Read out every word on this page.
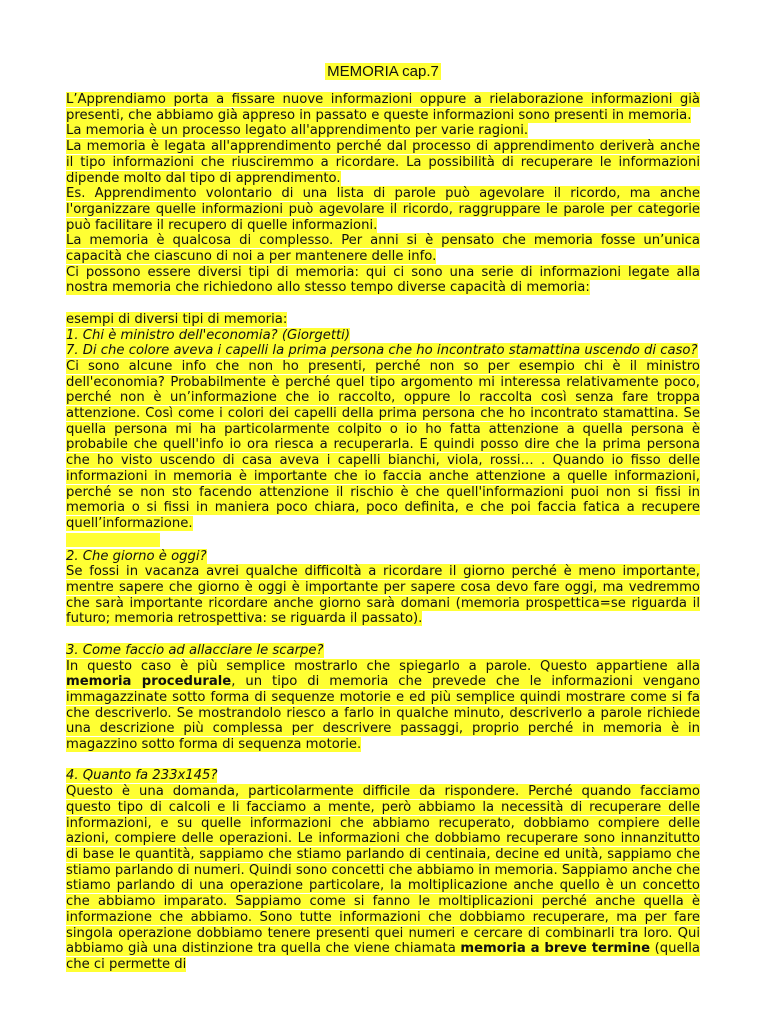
MEMORIA cap.7

L’Apprendiamo porta a fissare nuove informazioni oppure a rielaborazione informazioni già presenti, che abbiamo già appreso in passato e queste informazioni sono presenti in memoria.

La memoria è un processo legato all'apprendimento per varie ragioni.

La memoria è legata all'apprendimento perché dal processo di apprendimento deriverà anche il tipo informazioni che riusciremmo a ricordare. La possibilità di recuperare le informazioni dipende molto dal tipo di apprendimento.

Es. Apprendimento volontario di una lista di parole può agevolare il ricordo, ma anche l'organizzare quelle informazioni può agevolare il ricordo, raggruppare le parole per categorie può facilitare il recupero di quelle informazioni.

La memoria è qualcosa di complesso. Per anni si è pensato che memoria fosse un’unica capacità che ciascuno di noi a per mantenere delle info.

Ci possono essere diversi tipi di memoria: qui ci sono una serie di informazioni legate alla nostra memoria che richiedono allo stesso tempo diverse capacità di memoria:

esempi di diversi tipi di memoria:

1. Chi è ministro dell'economia? (Giorgetti)

7. Di che colore aveva i capelli la prima persona che ho incontrato stamattina uscendo di caso?

Ci sono alcune info che non ho presenti, perché non so per esempio chi è il ministro dell'economia? Probabilmente è perché quel tipo argomento mi interessa relativamente poco, perché non è un’informazione che io raccolto, oppure lo raccolta così senza fare troppa attenzione. Così come i colori dei capelli della prima persona che ho incontrato stamattina. Se quella persona mi ha particolarmente colpito o io ho fatta attenzione a quella persona è probabile che quell'info io ora riesca a recuperarla. E quindi posso dire che la prima persona che ho visto uscendo di casa aveva i capelli bianchi, viola, rossi… . Quando io fisso delle informazioni in memoria è importante che io faccia anche attenzione a quelle informazioni, perché se non sto facendo attenzione il rischio è che quell'informazioni puoi non si fissi in memoria o si fissi in maniera poco chiara, poco definita, e che poi faccia fatica a recupere quell’informazione.

2. Che giorno è oggi?

Se fossi in vacanza avrei qualche difficoltà a ricordare il giorno perché è meno importante, mentre sapere che giorno è oggi è importante per sapere cosa devo fare oggi, ma vedremmo che sarà importante ricordare anche giorno sarà domani (memoria prospettica=se riguarda il futuro; memoria retrospettiva: se riguarda il passato).

3. Come faccio ad allacciare le scarpe?

In questo caso è più semplice mostrarlo che spiegarlo a parole. Questo appartiene alla memoria procedurale, un tipo di memoria che prevede che le informazioni vengano immagazzinate sotto forma di sequenze motorie e ed più semplice quindi mostrare come si fa che descriverlo. Se mostrandolo riesco a farlo in qualche minuto, descriverlo a parole richiede una descrizione più complessa per descrivere passaggi, proprio perché in memoria è in magazzino sotto forma di sequenza motorie.

4. Quanto fa 233x145?

Questo è una domanda, particolarmente difficile da rispondere. Perché quando facciamo questo tipo di calcoli e li facciamo a mente, però abbiamo la necessità di recuperare delle informazioni, e su quelle informazioni che abbiamo recuperato, dobbiamo compiere delle azioni, compiere delle operazioni. Le informazioni che dobbiamo recuperare sono innanzitutto di base le quantità, sappiamo che stiamo parlando di centinaia, decine ed unità, sappiamo che stiamo parlando di numeri. Quindi sono concetti che abbiamo in memoria. Sappiamo anche che stiamo parlando di una operazione particolare, la moltiplicazione anche quello è un concetto che abbiamo imparato. Sappiamo come si fanno le moltiplicazioni perché anche quella è informazione che abbiamo. Sono tutte informazioni che dobbiamo recuperare, ma per fare singola operazione dobbiamo tenere presenti quei numeri e cercare di combinarli tra loro. Qui abbiamo già una distinzione tra quella che viene chiamata memoria a breve termine (quella che ci permette di
